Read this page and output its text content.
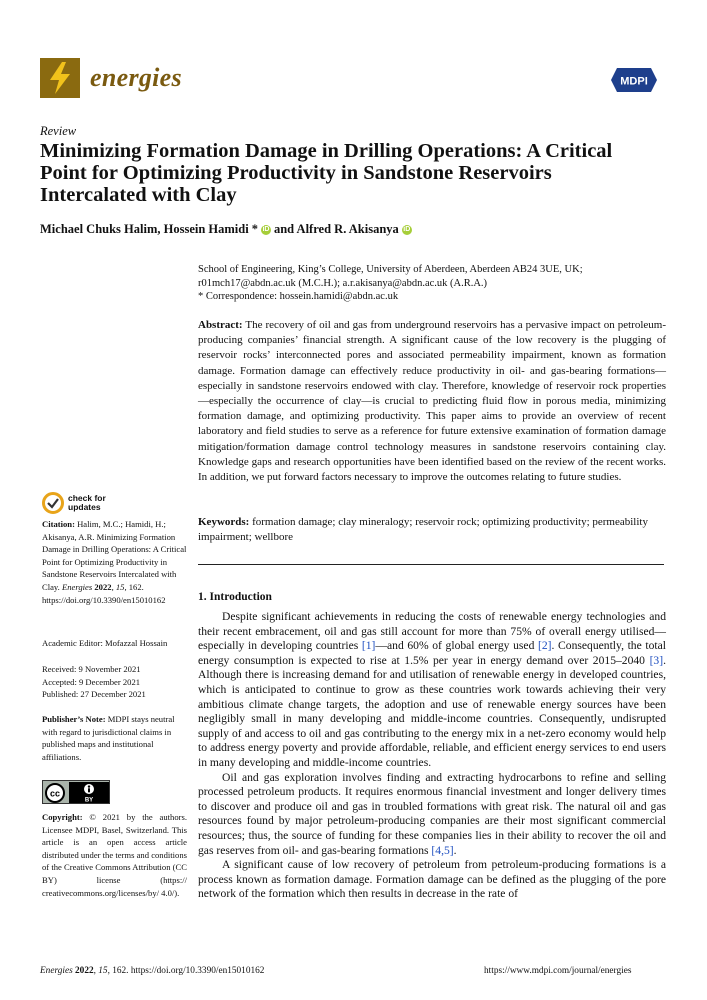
energies	MDPI
Review
Minimizing Formation Damage in Drilling Operations: A Critical Point for Optimizing Productivity in Sandstone Reservoirs Intercalated with Clay
Michael Chuks Halim, Hossein Hamidi * iD and Alfred R. Akisanya iD
School of Engineering, King’s College, University of Aberdeen, Aberdeen AB24 3UE, UK;
r01mch17@abdn.ac.uk (M.C.H.); a.r.akisanya@abdn.ac.uk (A.R.A.)
* Correspondence: hossein.hamidi@abdn.ac.uk
Abstract: The recovery of oil and gas from underground reservoirs has a pervasive impact on petroleum-producing companies’ financial strength. A significant cause of the low recovery is the plugging of reservoir rocks’ interconnected pores and associated permeability impairment, known as formation damage. Formation damage can effectively reduce productivity in oil- and gas-bearing formations—especially in sandstone reservoirs endowed with clay. Therefore, knowledge of reservoir rock properties—especially the occurrence of clay—is crucial to predicting fluid flow in porous media, minimizing formation damage, and optimizing productivity. This paper aims to provide an overview of recent laboratory and field studies to serve as a reference for future extensive examination of formation damage mitigation/formation damage control technology measures in sandstone reservoirs containing clay. Knowledge gaps and research opportunities have been identified based on the review of the recent works. In addition, we put forward factors necessary to improve the outcomes relating to future studies.
Keywords: formation damage; clay mineralogy; reservoir rock; optimizing productivity; permeability impairment; wellbore
1. Introduction

Despite significant achievements in reducing the costs of renewable energy technologies and their recent embracement, oil and gas still account for more than 75% of overall energy utilised—especially in developing countries [1]—and 60% of global energy used [2]. Consequently, the total energy consumption is expected to rise at 1.5% per year in energy demand over 2015–2040 [3]. Although there is increasing demand for and utilisation of renewable energy in developed countries, which is anticipated to continue to grow as these countries work towards achieving their very ambitious climate change targets, the adoption and use of renewable energy sources have been negligibly small in many developing and middle-income countries. Consequently, undisrupted supply of and access to oil and gas contributing to the energy mix in a net-zero economy would help to address energy poverty and provide affordable, reliable, and efficient energy services to end users in many developing and middle-income countries.

Oil and gas exploration involves finding and extracting hydrocarbons to refine and selling processed petroleum products. It requires enormous financial investment and longer delivery times to discover and produce oil and gas in troubled formations with great risk. The natural oil and gas resources found by major petroleum-producing companies are their most significant commercial resources; thus, the source of funding for these companies lies in their ability to recover the oil and gas reserves from oil- and gas-bearing formations [4,5].

A significant cause of low recovery of petroleum from petroleum-producing formations is a process known as formation damage. Formation damage can be defined as the plugging of the pore network of the formation which then results in decrease in the rate of

check for
updates
Citation: Halim, M.C.; Hamidi, H.; Akisanya, A.R. Minimizing Formation Damage in Drilling Operations: A Critical Point for Optimizing Productivity in Sandstone Reservoirs Intercalated with Clay. Energies 2022, 15, 162. https://doi.org/10.3390/en15010162
Academic Editor: Mofazzal Hossain
Received: 9 November 2021
Accepted: 9 December 2021
Published: 27 December 2021
Publisher’s Note: MDPI stays neutral with regard to jurisdictional claims in published maps and institutional affiliations.
cc
BY
Copyright: © 2021 by the authors. Licensee MDPI, Basel, Switzerland. This article is an open access article distributed under the terms and conditions of the Creative Commons Attribution (CC BY) license (https:// creativecommons.org/licenses/by/ 4.0/).
Energies 2022, 15, 162. https://doi.org/10.3390/en15010162	https://www.mdpi.com/journal/energies
